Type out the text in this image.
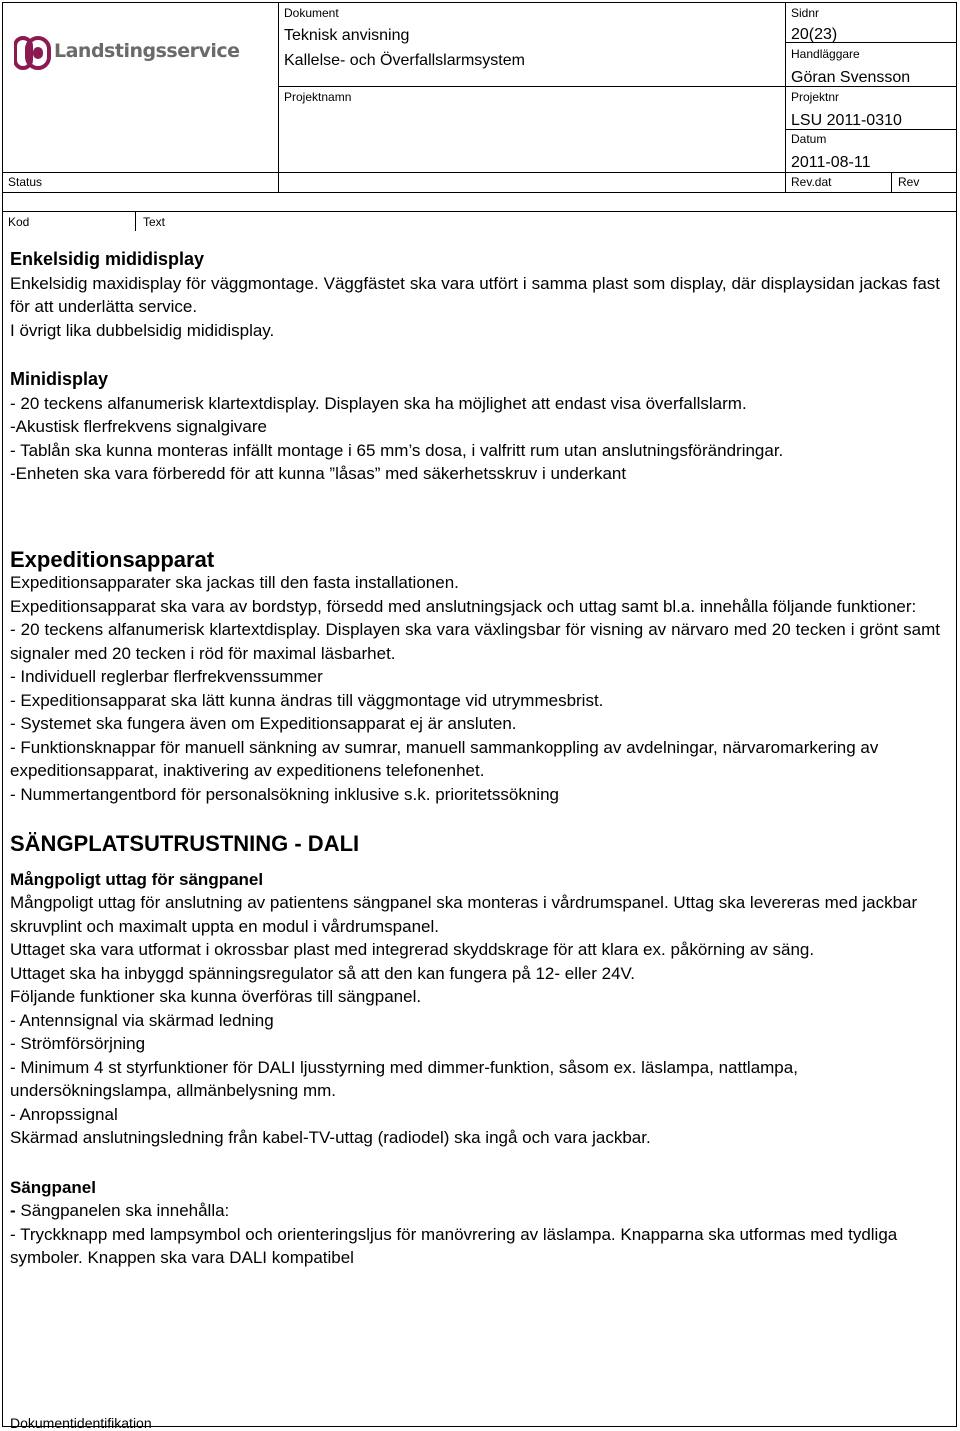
Landstingsservice
Dokument
Teknisk anvisning
Kallelse- och Överfallslarmsystem
Projektnamn
Sidnr
20(23)
Handläggare
Göran Svensson
Projektnr
LSU 2011-0310
Datum
2011-08-11
Status	Rev.dat	Rev
Kod	Text

Enkelsidig mididisplay

Enkelsidig maxidisplay för väggmontage. Väggfästet ska vara utfört i samma plast som display, där displaysidan jackas fast för att underlätta service.

I övrigt lika dubbelsidig mididisplay.

Minidisplay

- 20 teckens alfanumerisk klartextdisplay. Displayen ska ha möjlighet att endast visa överfallslarm.

-Akustisk flerfrekvens signalgivare

- Tablån ska kunna monteras infällt montage i 65 mm’s dosa, i valfritt rum utan anslutningsförändringar.

-Enheten ska vara förberedd för att kunna ”låsas” med säkerhetsskruv i underkant

Expeditionsapparat

Expeditionsapparater ska jackas till den fasta installationen.

Expeditionsapparat ska vara av bordstyp, försedd med anslutningsjack och uttag samt bl.a. innehålla följande funktioner:

- 20 teckens alfanumerisk klartextdisplay. Displayen ska vara växlingsbar för visning av närvaro med 20 tecken i grönt samt signaler med 20 tecken i röd för maximal läsbarhet.

- Individuell reglerbar flerfrekvenssummer

- Expeditionsapparat ska lätt kunna ändras till väggmontage vid utrymmesbrist.

- Systemet ska fungera även om Expeditionsapparat ej är ansluten.

- Funktionsknappar för manuell sänkning av sumrar, manuell sammankoppling av avdelningar, närvaromarkering av expeditionsapparat, inaktivering av expeditionens telefonenhet.

- Nummertangentbord för personalsökning inklusive s.k. prioritetssökning

SÄNGPLATSUTRUSTNING - DALI

Mångpoligt uttag för sängpanel

Mångpoligt uttag för anslutning av patientens sängpanel ska monteras i vårdrumspanel. Uttag ska levereras med jackbar skruvplint och maximalt uppta en modul i vårdrumspanel.

Uttaget ska vara utformat i okrossbar plast med integrerad skyddskrage för att klara ex. påkörning av säng.

Uttaget ska ha inbyggd spänningsregulator så att den kan fungera på 12- eller 24V.

Följande funktioner ska kunna överföras till sängpanel.

- Antennsignal via skärmad ledning

- Strömförsörjning

- Minimum 4 st styrfunktioner för DALI ljusstyrning med dimmer-funktion, såsom ex. läslampa, nattlampa, undersökningslampa, allmänbelysning mm.

- Anropssignal

Skärmad anslutningsledning från kabel-TV-uttag (radiodel) ska ingå och vara jackbar.

Sängpanel

- Sängpanelen ska innehålla:

- Tryckknapp med lampsymbol och orienteringsljus för manövrering av läslampa. Knapparna ska utformas med tydliga symboler. Knappen ska vara DALI kompatibel

Dokumentidentifikation
